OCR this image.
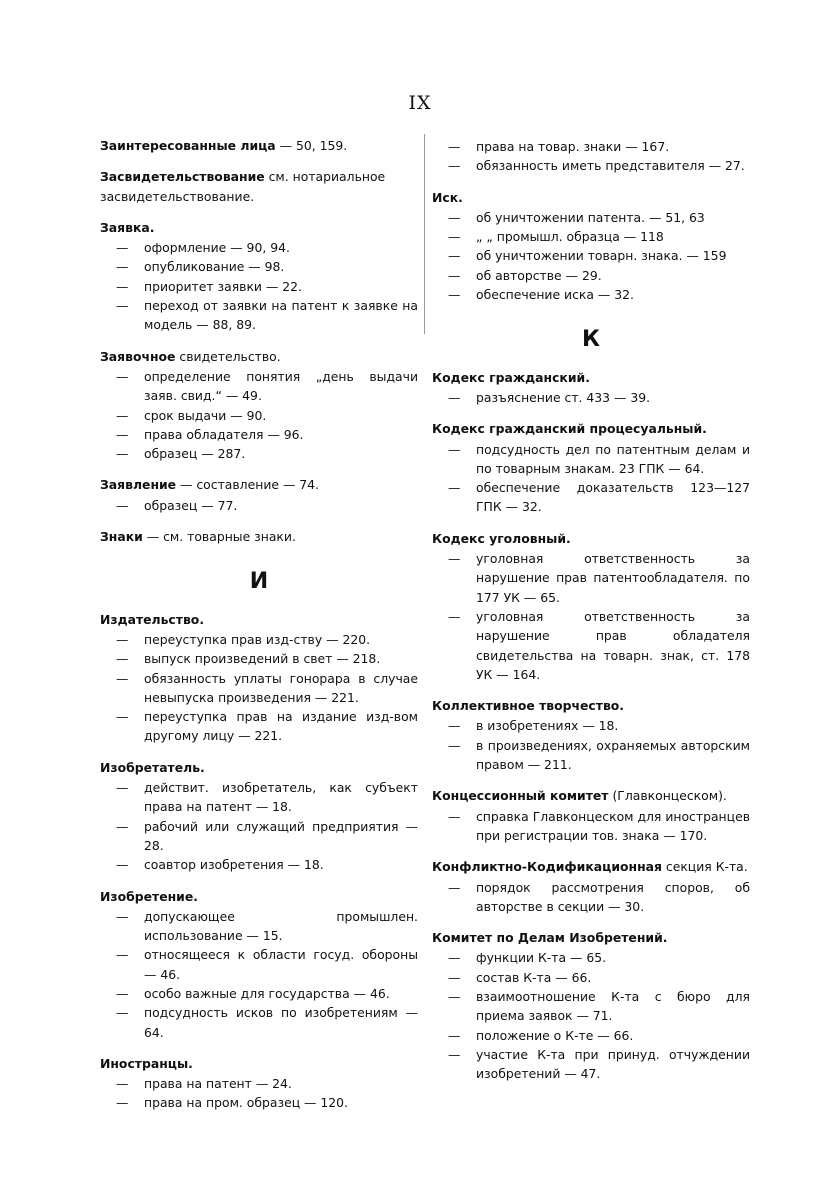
IX
Заинтересованные лица — 50, 159.
Засвидетельствование см. нотариальное засвидетельствование.
Заявка.
— оформление — 90, 94.
— опубликование — 98.
— приоритет заявки — 22.
— переход от заявки на патент к заявке на модель — 88, 89.
Заявочное свидетельство.
— определение понятия „день выдачи заяв. свид.“ — 49.
— срок выдачи — 90.
— права обладателя — 96.
— образец — 287.
Заявление — составление — 74.
— образец — 77.
Знаки — см. товарные знаки.
И
Издательство.
— переуступка прав изд-ству — 220.
— выпуск произведений в свет — 218.
— обязанность уплаты гонорара в случае невыпуска произведения — 221.
— переуступка прав на издание изд-вом другому лицу — 221.
Изобретатель.
— действит. изобретатель, как субъект права на патент — 18.
— рабочий или служащий предприятия — 28.
— соавтор изобретения — 18.
Изобретение.
— допускающее промышлен. использование — 15.
— относящееся к области госуд. обороны — 46.
— особо важные для государства — 46.
— подсудность исков по изобретениям — 64.
Иностранцы.
— права на патент — 24.
— права на пром. образец — 120.
— права на товар. знаки — 167.
— обязанность иметь представителя — 27.
Иск.
— об уничтожении патента. — 51, 63
— „ „ промышл. образца — 118
— об уничтожении товарн. знака. — 159
— об авторстве — 29.
— обеспечение иска — 32.
К
Кодекс гражданский.
— разъяснение ст. 433 — 39.
Кодекс гражданский процесуальный.
— подсудность дел по патентным делам и по товарным знакам. 23 ГПК — 64.
— обеспечение доказательств 123—127 ГПК — 32.
Кодекс уголовный.
— уголовная ответственность за нарушение прав патентообладателя. по 177 УК — 65.
— уголовная ответственность за нарушение прав обладателя свидетельства на товарн. знак, ст. 178 УК — 164.
Коллективное творчество.
— в изобретениях — 18.
— в произведениях, охраняемых авторским правом — 211.
Концессионный комитет (Главконцеском).
— справка Главконцеском для иностранцев при регистрации тов. знака — 170.
Конфликтно-Кодификационная секция К-та.
— порядок рассмотрения споров, об авторстве в секции — 30.
Комитет по Делам Изобретений.
— функции К-та — 65.
— состав К-та — 66.
— взаимоотношение К-та с бюро для приема заявок — 71.
— положение о К-те — 66.
— участие К-та при принуд. отчуждении изобретений — 47.
